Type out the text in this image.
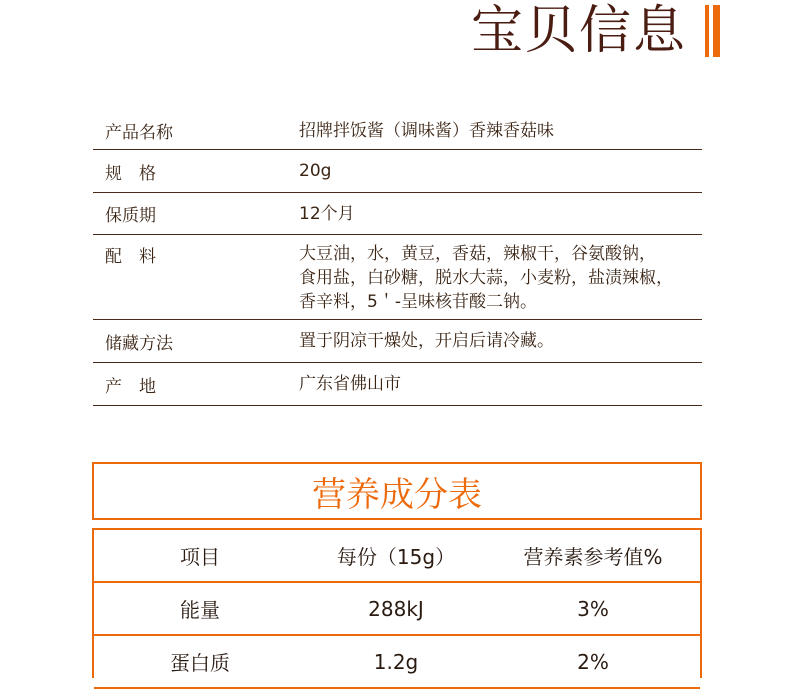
宝贝信息
产品名称	招牌拌饭酱（调味酱）香辣香菇味
规　格	20g
保质期	12个月
配　料	大豆油，水，黄豆，香菇，辣椒干，谷氨酸钠，
食用盐，白砂糖，脱水大蒜，小麦粉，盐渍辣椒，
香辛料，5＇-呈味核苷酸二钠。
储藏方法	置于阴凉干燥处，开启后请冷藏。
产　地	广东省佛山市
营养成分表
项目	每份（15g）	营养素参考值%
能量	288kJ	3%
蛋白质	1.2g	2%
